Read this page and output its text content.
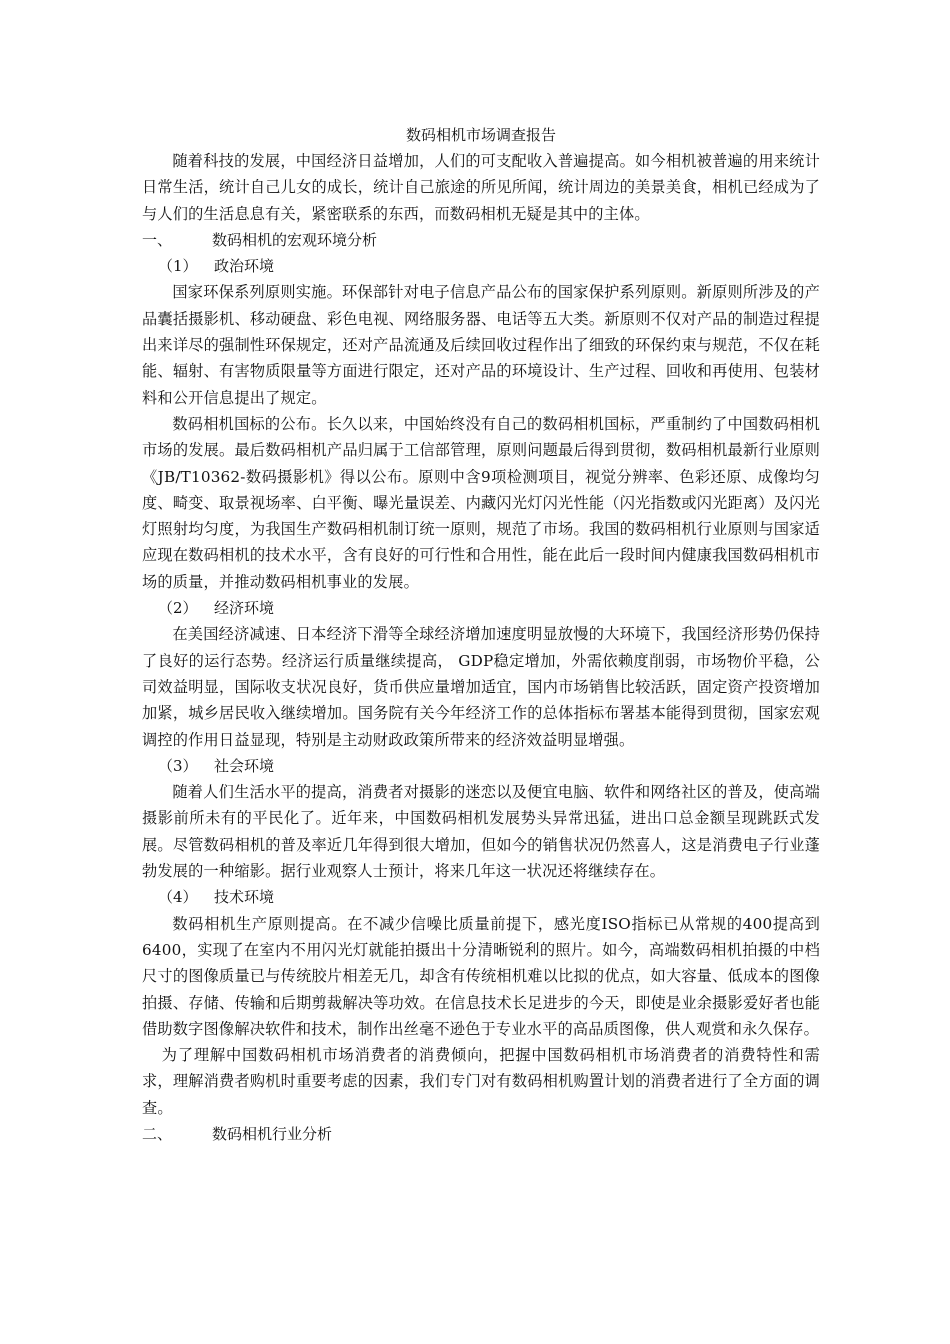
数码相机市场调查报告

随着科技的发展，中国经济日益增加，人们的可支配收入普遍提高。如今相机被普遍的用来统计日常生活，统计自己儿女的成长，统计自己旅途的所见所闻，统计周边的美景美食，相机已经成为了与人们的生活息息有关，紧密联系的东西，而数码相机无疑是其中的主体。

一、	数码相机的宏观环境分析

（1） 政治环境

国家环保系列原则实施。环保部针对电子信息产品公布的国家保护系列原则。新原则所涉及的产品囊括摄影机、移动硬盘、彩色电视、网络服务器、电话等五大类。新原则不仅对产品的制造过程提出来详尽的强制性环保规定，还对产品流通及后续回收过程作出了细致的环保约束与规范，不仅在耗能、辐射、有害物质限量等方面进行限定，还对产品的环境设计、生产过程、回收和再使用、包装材料和公开信息提出了规定。

数码相机国标的公布。长久以来，中国始终没有自己的数码相机国标，严重制约了中国数码相机市场的发展。最后数码相机产品归属于工信部管理，原则问题最后得到贯彻，数码相机最新行业原则《JB/T10362-数码摄影机》得以公布。原则中含9项检测项目，视觉分辨率、色彩还原、成像均匀度、畸变、取景视场率、白平衡、曝光量误差、内藏闪光灯闪光性能（闪光指数或闪光距离）及闪光灯照射均匀度，为我国生产数码相机制订统一原则，规范了市场。我国的数码相机行业原则与国家适应现在数码相机的技术水平，含有良好的可行性和合用性，能在此后一段时间内健康我国数码相机市场的质量，并推动数码相机事业的发展。

（2） 经济环境

在美国经济减速、日本经济下滑等全球经济增加速度明显放慢的大环境下，我国经济形势仍保持了良好的运行态势。经济运行质量继续提高， GDP稳定增加，外需依赖度削弱，市场物价平稳，公司效益明显，国际收支状况良好，货币供应量增加适宜，国内市场销售比较活跃，固定资产投资增加加紧，城乡居民收入继续增加。国务院有关今年经济工作的总体指标布署基本能得到贯彻，国家宏观调控的作用日益显现，特别是主动财政政策所带来的经济效益明显增强。

（3） 社会环境

随着人们生活水平的提高，消费者对摄影的迷恋以及便宜电脑、软件和网络社区的普及，使高端摄影前所未有的平民化了。近年来，中国数码相机发展势头异常迅猛，进出口总金额呈现跳跃式发展。尽管数码相机的普及率近几年得到很大增加，但如今的销售状况仍然喜人，这是消费电子行业蓬勃发展的一种缩影。据行业观察人士预计，将来几年这一状况还将继续存在。

（4） 技术环境

数码相机生产原则提高。在不减少信噪比质量前提下，感光度ISO指标已从常规的400提高到6400，实现了在室内不用闪光灯就能拍摄出十分清晰锐利的照片。如今，高端数码相机拍摄的中档尺寸的图像质量已与传统胶片相差无几，却含有传统相机难以比拟的优点，如大容量、低成本的图像拍摄、存储、传输和后期剪裁解决等功效。在信息技术长足进步的今天，即使是业余摄影爱好者也能借助数字图像解决软件和技术，制作出丝毫不逊色于专业水平的高品质图像，供人观赏和永久保存。

为了理解中国数码相机市场消费者的消费倾向，把握中国数码相机市场消费者的消费特性和需求，理解消费者购机时重要考虑的因素，我们专门对有数码相机购置计划的消费者进行了全方面的调查。

二、	数码相机行业分析
